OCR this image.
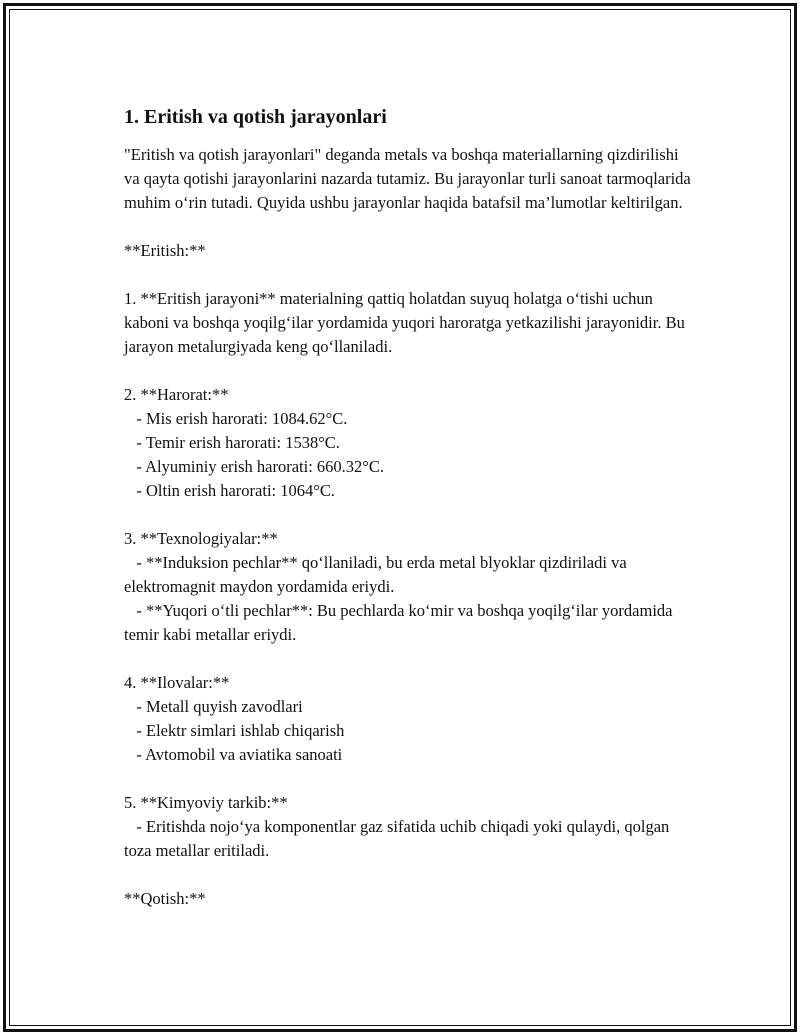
1. Eritish va qotish jarayonlari

"Eritish va qotish jarayonlari" deganda metals va boshqa materiallarning qizdirilishi va qayta qotishi jarayonlarini nazarda tutamiz. Bu jarayonlar turli sanoat tarmoqlarida muhim o‘rin tutadi. Quyida ushbu jarayonlar haqida batafsil ma’lumotlar keltirilgan.

**Eritish:**

1. **Eritish jarayoni** materialning qattiq holatdan suyuq holatga o‘tishi uchun kaboni va boshqa yoqilg‘ilar yordamida yuqori haroratga yetkazilishi jarayonidir. Bu jarayon metalurgiyada keng qo‘llaniladi.

2. **Harorat:**
- Mis erish harorati: 1084.62°C.
- Temir erish harorati: 1538°C.
- Alyuminiy erish harorati: 660.32°C.
- Oltin erish harorati: 1064°C.

3. **Texnologiyalar:**
- **Induksion pechlar** qo‘llaniladi, bu erda metal blyoklar qizdiriladi va elektromagnit maydon yordamida eriydi.
- **Yuqori o‘tli pechlar**: Bu pechlarda ko‘mir va boshqa yoqilg‘ilar yordamida temir kabi metallar eriydi.

4. **Ilovalar:**
- Metall quyish zavodlari
- Elektr simlari ishlab chiqarish
- Avtomobil va aviatika sanoati

5. **Kimyoviy tarkib:**
- Eritishda nojo‘ya komponentlar gaz sifatida uchib chiqadi yoki qulaydi, qolgan toza metallar eritiladi.

**Qotish:**
